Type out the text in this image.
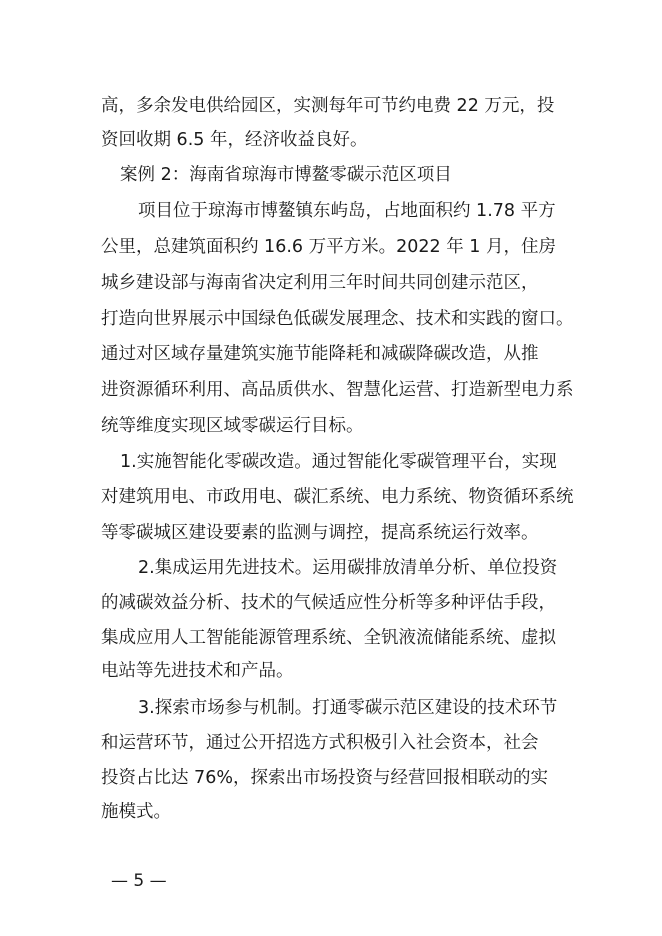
高，多余发电供给园区，实测每年可节约电费 22 万元，投
资回收期 6.5 年，经济收益良好。
案例 2：海南省琼海市博鳌零碳示范区项目
项目位于琼海市博鳌镇东屿岛，占地面积约 1.78 平方
公里，总建筑面积约 16.6 万平方米。2022 年 1 月，住房
城乡建设部与海南省决定利用三年时间共同创建示范区，
打造向世界展示中国绿色低碳发展理念、技术和实践的窗口。
通过对区域存量建筑实施节能降耗和减碳降碳改造，从推
进资源循环利用、高品质供水、智慧化运营、打造新型电力系
统等维度实现区域零碳运行目标。
1.实施智能化零碳改造。通过智能化零碳管理平台，实现
对建筑用电、市政用电、碳汇系统、电力系统、物资循环系统
等零碳城区建设要素的监测与调控，提高系统运行效率。
2.集成运用先进技术。运用碳排放清单分析、单位投资
的减碳效益分析、技术的气候适应性分析等多种评估手段，
集成应用人工智能能源管理系统、全钒液流储能系统、虚拟
电站等先进技术和产品。
3.探索市场参与机制。打通零碳示范区建设的技术环节
和运营环节，通过公开招选方式积极引入社会资本，社会
投资占比达 76%，探索出市场投资与经营回报相联动的实
施模式。
— 5 —
